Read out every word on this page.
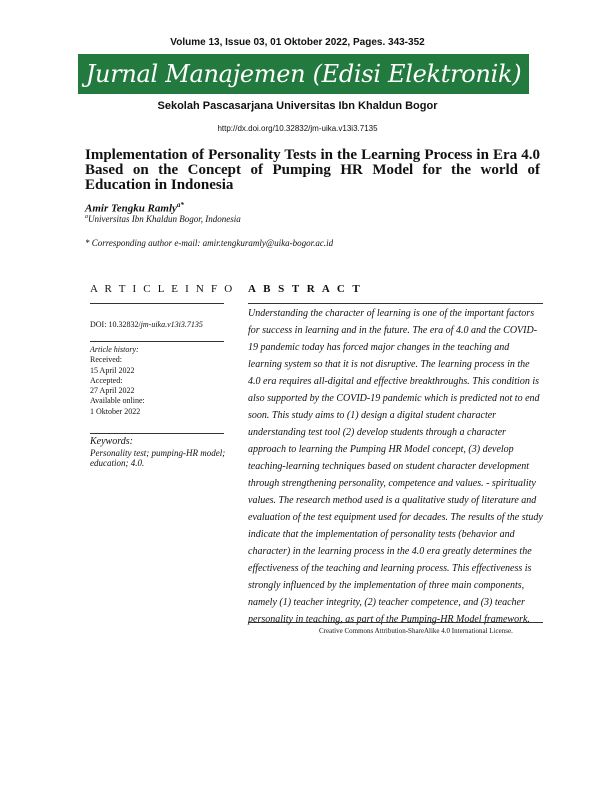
Volume 13, Issue 03, 01 Oktober 2022, Pages. 343-352
Jurnal Manajemen (Edisi Elektronik)
Sekolah Pascasarjana Universitas Ibn Khaldun Bogor
http://dx.doi.org/10.32832/jm-uika.v13i3.7135
Implementation of Personality Tests in the Learning Process in Era 4.0 Based on the Concept of Pumping HR Model for the world of Education in Indonesia
Amir Tengku Ramly$^{a*}$
$^a$Universitas Ibn Khaldun Bogor, Indonesia
* Corresponding author e-mail: amir.tengkuramly@uika-bogor.ac.id
A R T I C L E I N F O A B S T R A C T
DOI: 10.32832/jm-uika.v13i3.7135
Article history:
Received:
15 April 2022
Accepted:
27 April 2022
Available online:
1 Oktober 2022
Keywords:
Personality test; pumping-HR model; education; 4.0.

Understanding the character of learning is one of the important factors for success in learning and in the future. The era of 4.0 and the COVID-19 pandemic today has forced major changes in the teaching and learning system so that it is not disruptive. The learning process in the 4.0 era requires all-digital and effective breakthroughs. This condition is also supported by the COVID-19 pandemic which is predicted not to end soon. This study aims to (1) design a digital student character understanding test tool (2) develop students through a character approach to learning the Pumping HR Model concept, (3) develop teaching-learning techniques based on student character development through strengthening personality, competence and values. - spirituality values. The research method used is a qualitative study of literature and evaluation of the test equipment used for decades. The results of the study indicate that the implementation of personality tests (behavior and character) in the learning process in the 4.0 era greatly determines the effectiveness of the teaching and learning process. This effectiveness is strongly influenced by the implementation of three main components, namely (1) teacher integrity, (2) teacher competence, and (3) teacher personality in teaching, as part of the Pumping-HR Model framework.

Creative Commons Attribution-ShareAlike 4.0 International License.
